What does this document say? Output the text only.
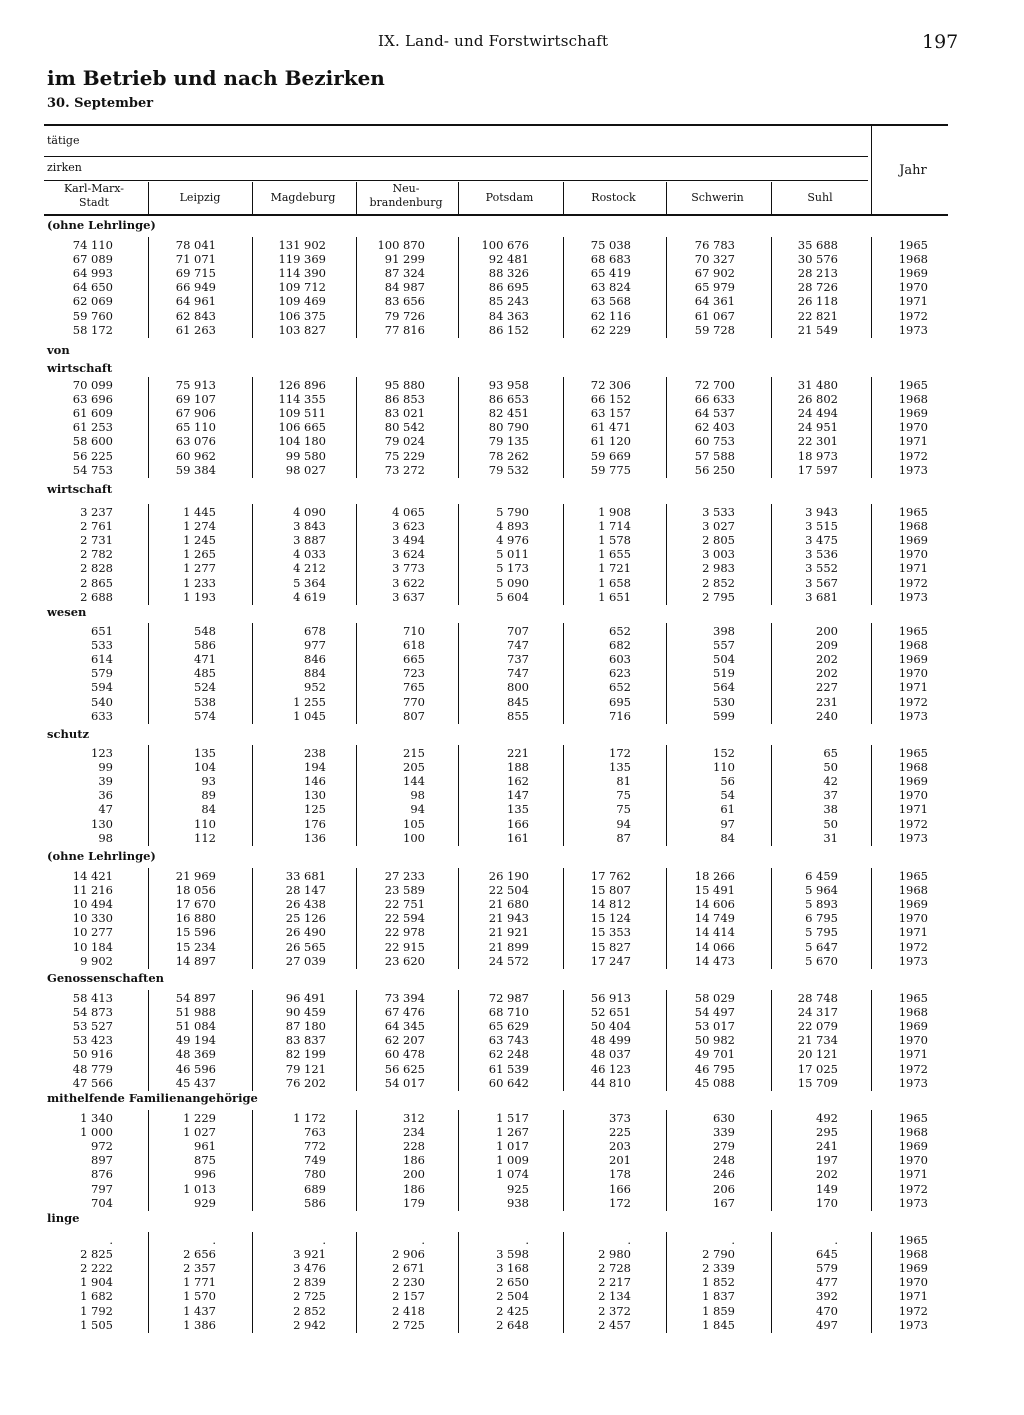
IX. Land- und Forstwirtschaft	197
im Betrieb und nach Bezirken
30. September
tätige
zirken	Jahr
Karl-Marx-
Stadt	Leipzig	Magdeburg
Neu-
brandenburg	Potsdam	Rostock	Schwerin	Suhl
(ohne Lehrlinge)
74 110	78 041	131 902	100 870	100 676	75 038	76 783	35 688	1965
67 089	71 071	119 369	91 299	92 481	68 683	70 327	30 576	1968
64 993	69 715	114 390	87 324	88 326	65 419	67 902	28 213	1969
64 650	66 949	109 712	84 987	86 695	63 824	65 979	28 726	1970
62 069	64 961	109 469	83 656	85 243	63 568	64 361	26 118	1971
59 760	62 843	106 375	79 726	84 363	62 116	61 067	22 821	1972
58 172	61 263	103 827	77 816	86 152	62 229	59 728	21 549	1973
von
wirtschaft
70 099	75 913	126 896	95 880	93 958	72 306	72 700	31 480	1965
63 696	69 107	114 355	86 853	86 653	66 152	66 633	26 802	1968
61 609	67 906	109 511	83 021	82 451	63 157	64 537	24 494	1969
61 253	65 110	106 665	80 542	80 790	61 471	62 403	24 951	1970
58 600	63 076	104 180	79 024	79 135	61 120	60 753	22 301	1971
56 225	60 962	99 580	75 229	78 262	59 669	57 588	18 973	1972
54 753	59 384	98 027	73 272	79 532	59 775	56 250	17 597	1973
wirtschaft
3 237	1 445	4 090	4 065	5 790	1 908	3 533	3 943	1965
2 761	1 274	3 843	3 623	4 893	1 714	3 027	3 515	1968
2 731	1 245	3 887	3 494	4 976	1 578	2 805	3 475	1969
2 782	1 265	4 033	3 624	5 011	1 655	3 003	3 536	1970
2 828	1 277	4 212	3 773	5 173	1 721	2 983	3 552	1971
2 865	1 233	5 364	3 622	5 090	1 658	2 852	3 567	1972
2 688	1 193	4 619	3 637	5 604	1 651	2 795	3 681	1973
wesen
651	548	678	710	707	652	398	200	1965
533	586	977	618	747	682	557	209	1968
614	471	846	665	737	603	504	202	1969
579	485	884	723	747	623	519	202	1970
594	524	952	765	800	652	564	227	1971
540	538	1 255	770	845	695	530	231	1972
633	574	1 045	807	855	716	599	240	1973
schutz
123	135	238	215	221	172	152	65	1965
99	104	194	205	188	135	110	50	1968
39	93	146	144	162	81	56	42	1969
36	89	130	98	147	75	54	37	1970
47	84	125	94	135	75	61	38	1971
130	110	176	105	166	94	97	50	1972
98	112	136	100	161	87	84	31	1973
(ohne Lehrlinge)
14 421	21 969	33 681	27 233	26 190	17 762	18 266	6 459	1965
11 216	18 056	28 147	23 589	22 504	15 807	15 491	5 964	1968
10 494	17 670	26 438	22 751	21 680	14 812	14 606	5 893	1969
10 330	16 880	25 126	22 594	21 943	15 124	14 749	6 795	1970
10 277	15 596	26 490	22 978	21 921	15 353	14 414	5 795	1971
10 184	15 234	26 565	22 915	21 899	15 827	14 066	5 647	1972
9 902	14 897	27 039	23 620	24 572	17 247	14 473	5 670	1973
Genossenschaften
58 413	54 897	96 491	73 394	72 987	56 913	58 029	28 748	1965
54 873	51 988	90 459	67 476	68 710	52 651	54 497	24 317	1968
53 527	51 084	87 180	64 345	65 629	50 404	53 017	22 079	1969
53 423	49 194	83 837	62 207	63 743	48 499	50 982	21 734	1970
50 916	48 369	82 199	60 478	62 248	48 037	49 701	20 121	1971
48 779	46 596	79 121	56 625	61 539	46 123	46 795	17 025	1972
47 566	45 437	76 202	54 017	60 642	44 810	45 088	15 709	1973
mithelfende Familienangehörige
1 340	1 229	1 172	312	1 517	373	630	492	1965
1 000	1 027	763	234	1 267	225	339	295	1968
972	961	772	228	1 017	203	279	241	1969
897	875	749	186	1 009	201	248	197	1970
876	996	780	200	1 074	178	246	202	1971
797	1 013	689	186	925	166	206	149	1972
704	929	586	179	938	172	167	170	1973
linge
.	.	.	.	.	.	.	.	1965
2 825	2 656	3 921	2 906	3 598	2 980	2 790	645	1968
2 222	2 357	3 476	2 671	3 168	2 728	2 339	579	1969
1 904	1 771	2 839	2 230	2 650	2 217	1 852	477	1970
1 682	1 570	2 725	2 157	2 504	2 134	1 837	392	1971
1 792	1 437	2 852	2 418	2 425	2 372	1 859	470	1972
1 505	1 386	2 942	2 725	2 648	2 457	1 845	497	1973
